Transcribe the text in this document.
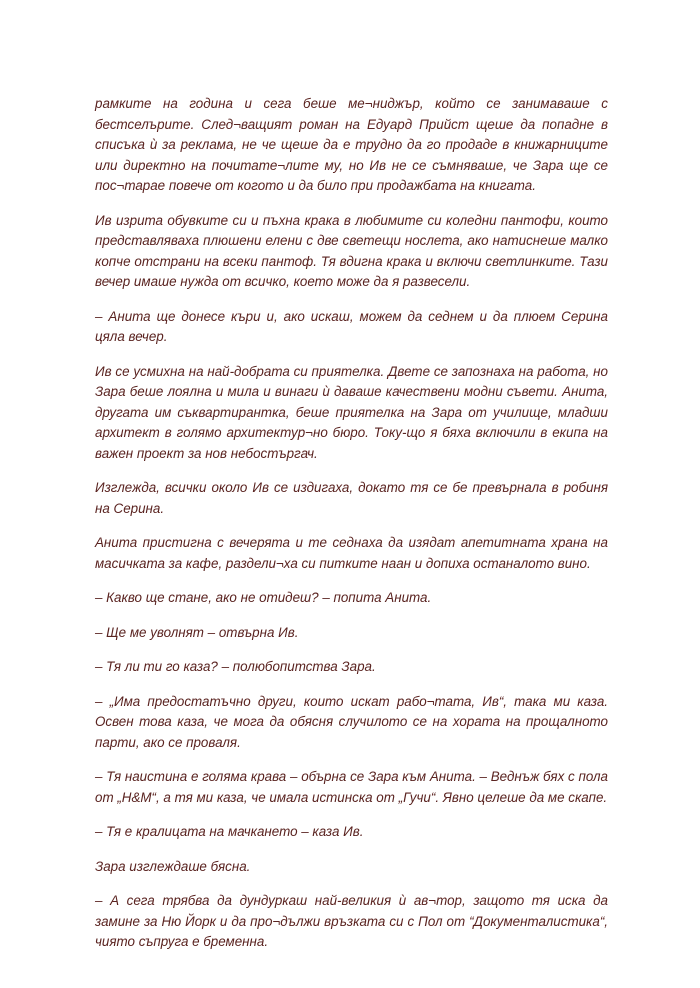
рамките на година и сега беше ме¬ниджър, който се занимаваше с бестселърите. След¬ващият роман на Едуард Прийст щеше да попадне в списъка ѝ за реклама, не че щеше да е трудно да го продаде в книжарниците или директно на почитате¬лите му, но Ив не се съмняваше, че Зара ще се пос¬тараe повече от когото и да било при продажбата на книгата.

Ив изрита обувките си и пъхна крака в любимите си коледни пантофи, които представляваха плюшени елени с две светещи нослета, ако натиснеше малко копче отстрани на всеки пантоф. Тя вдигна крака и включи светлинките. Тази вечер имаше нужда от всичко, което може да я развесели.

– Анита ще донесе къри и, ако искаш, можем да седнем и да плюем Серина цяла вечер.

Ив се усмихна на най-добрата си приятелка. Двете се запознаха на работа, но Зара беше лоялна и мила и винаги ѝ даваше качествени модни съвети. Анита, другата им съквартирантка, беше приятелка на Зара от училище, младши архитект в голямо архитектур¬но бюро. Току-що я бяха включили в екипа на важен проект за нов небостъргач.

Изглежда, всички около Ив се издигаха, докато тя се бе превърнала в робиня на Серина.

Анита пристигна с вечерята и те седнаха да изядат апетитната храна на масичката за кафе, раздели¬ха си питките наан и допиха останалото вино.

– Какво ще стане, ако не отидеш? – попита Анита.

– Ще ме уволнят – отвърна Ив.

– Тя ли ти го каза? – полюбопитства Зара.

– „Има предостатъчно други, които искат рабо¬тата, Ив“, така ми каза. Освен това каза, че мога да обясня случилото се на хората на прощалното парти, ако се проваля.

– Тя наистина е голяма крава – обърна се Зара към Анита. – Веднъж бях с пола от „H&M“, а тя ми каза, че имала истинска от „Гучи“. Явно целеше да ме скапе.

– Тя е кралицата на мачкането – каза Ив.

Зара изглеждаше бясна.

– А сега трябва да дундуркаш най-великия ѝ ав¬тор, защото тя иска да замине за Ню Йорк и да про¬дължи връзката си с Пол от “Документалистика“, чиято съпруга е бременна.
